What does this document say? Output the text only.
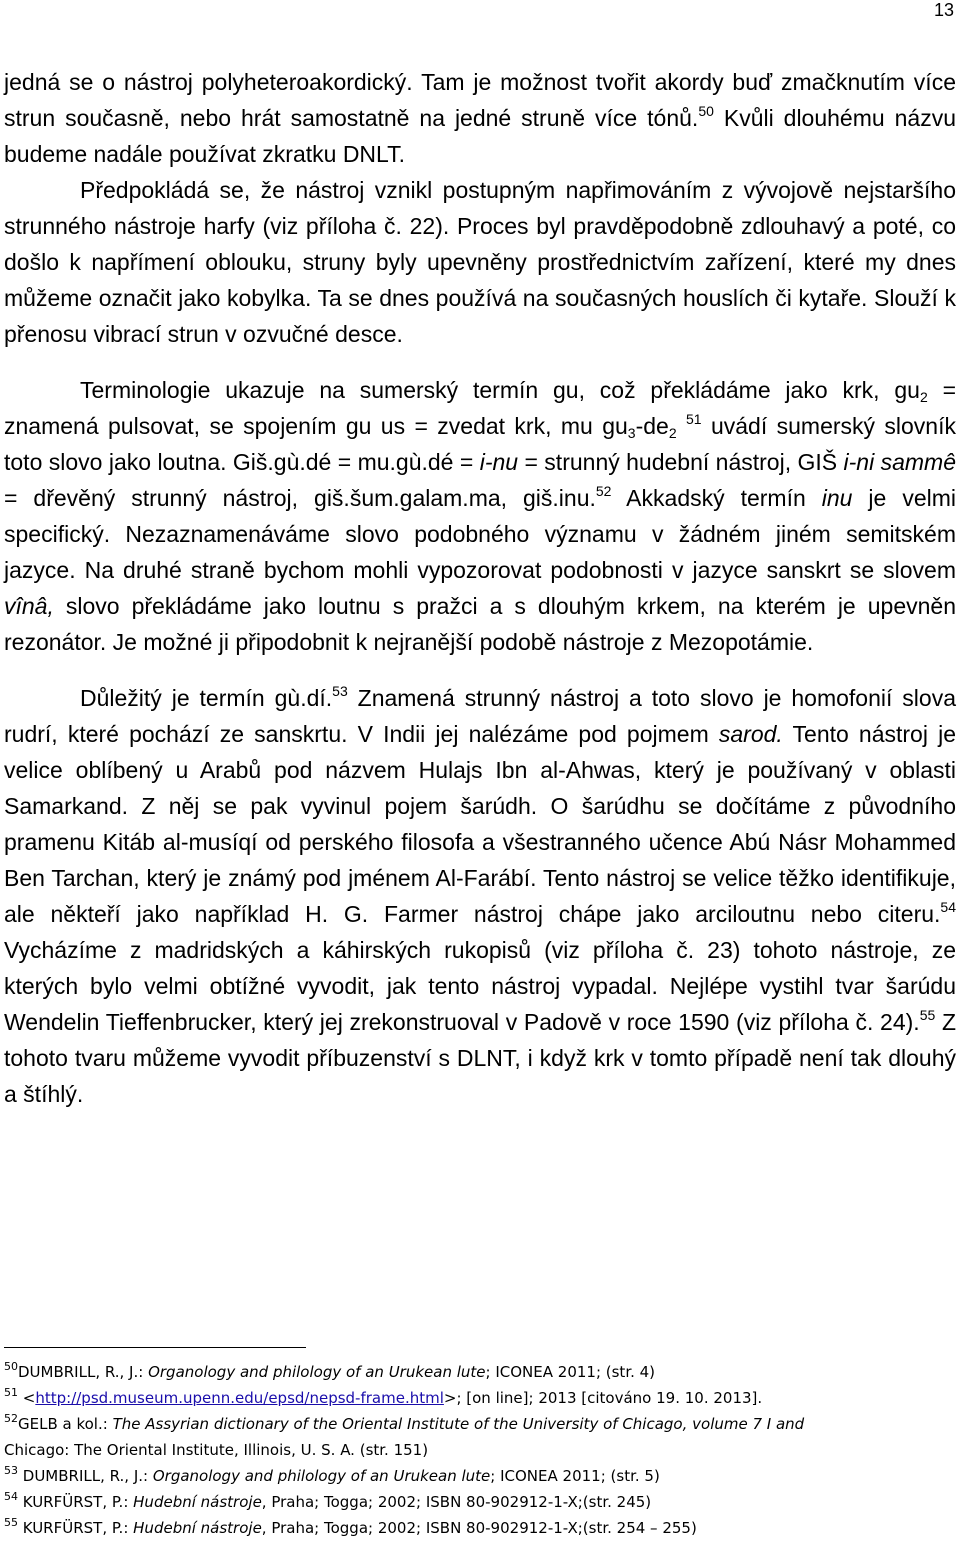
13

jedná se o nástroj polyheteroakordický. Tam je možnost tvořit akordy buď zmačknutím více strun současně, nebo hrát samostatně na jedné struně více tónů.$^{50}$ Kvůli dlouhému názvu budeme nadále používat zkratku DNLT.

Předpokládá se, že nástroj vznikl postupným napřimováním z vývojově nejstaršího strunného nástroje harfy (viz příloha č. 22). Proces byl pravděpodobně zdlouhavý a poté, co došlo k napřímení oblouku, struny byly upevněny prostřednictvím zařízení, které my dnes můžeme označit jako kobylka. Ta se dnes používá na současných houslích či kytaře. Slouží k přenosu vibrací strun v ozvučné desce.

Terminologie ukazuje na sumerský termín gu, což překládáme jako krk, $gu_2$ = znamená pulsovat, se spojením gu us = zvedat krk, mu $gu_3-de_2$ $^{51}$ uvádí sumerský slovník toto slovo jako loutna. Giš.gù.dé = mu.gù.dé = i-nu = strunný hudební nástroj, GIŠ i-ni sammê = dřevěný strunný nástroj, giš.šum.galam.ma, giš.inu.$^{52}$ Akkadský termín inu je velmi specifický. Nezaznamenáváme slovo podobného významu v žádném jiném semitském jazyce. Na druhé straně bychom mohli vypozorovat podobnosti v jazyce sanskrt se slovem vînâ, slovo překládáme jako loutnu s pražci a s dlouhým krkem, na kterém je upevněn rezonátor. Je možné ji připodobnit k nejranější podobě nástroje z Mezopotámie.

Důležitý je termín gù.dí.$^{53}$ Znamená strunný nástroj a toto slovo je homofonií slova rudrí, které pochází ze sanskrtu. V Indii jej nalézáme pod pojmem sarod. Tento nástroj je velice oblíbený u Arabů pod názvem Hulajs Ibn al-Ahwas, který je používaný v oblasti Samarkand. Z něj se pak vyvinul pojem šarúdh. O šarúdhu se dočítáme z původního pramenu Kitáb al-musíqí od perského filosofa a všestranného učence Abú Násr Mohammed Ben Tarchan, který je známý pod jménem Al-Farábí. Tento nástroj se velice těžko identifikuje, ale někteří jako například H. G. Farmer nástroj chápe jako arciloutnu nebo citeru.$^{54}$ Vycházíme z madridských a káhirských rukopisů (viz příloha č. 23) tohoto nástroje, ze kterých bylo velmi obtížné vyvodit, jak tento nástroj vypadal. Nejlépe vystihl tvar šarúdu Wendelin Tieffenbrucker, který jej zrekonstruoval v Padově v roce 1590 (viz příloha č. 24).$^{55}$ Z tohoto tvaru můžeme vyvodit příbuzenství s DLNT, i když krk v tomto případě není tak dlouhý a štíhlý.

$^{50}$DUMBRILL, R., J.: Organology and philology of an Urukean lute; ICONEA 2011; (str. 4)
$^{51}$ <http://psd.museum.upenn.edu/epsd/nepsd-frame.html>; [on line]; 2013 [citováno 19. 10. 2013].
$^{52}$GELB a kol.: The Assyrian dictionary of the Oriental Institute of the University of Chicago, volume 7 I and
Chicago: The Oriental Institute, Illinois, U. S. A. (str. 151)
$^{53}$ DUMBRILL, R., J.: Organology and philology of an Urukean lute; ICONEA 2011; (str. 5)
$^{54}$ KURFÜRST, P.: Hudební nástroje, Praha; Togga; 2002; ISBN 80-902912-1-X;(str. 245)
$^{55}$ KURFÜRST, P.: Hudební nástroje, Praha; Togga; 2002; ISBN 80-902912-1-X;(str. 254 – 255)
